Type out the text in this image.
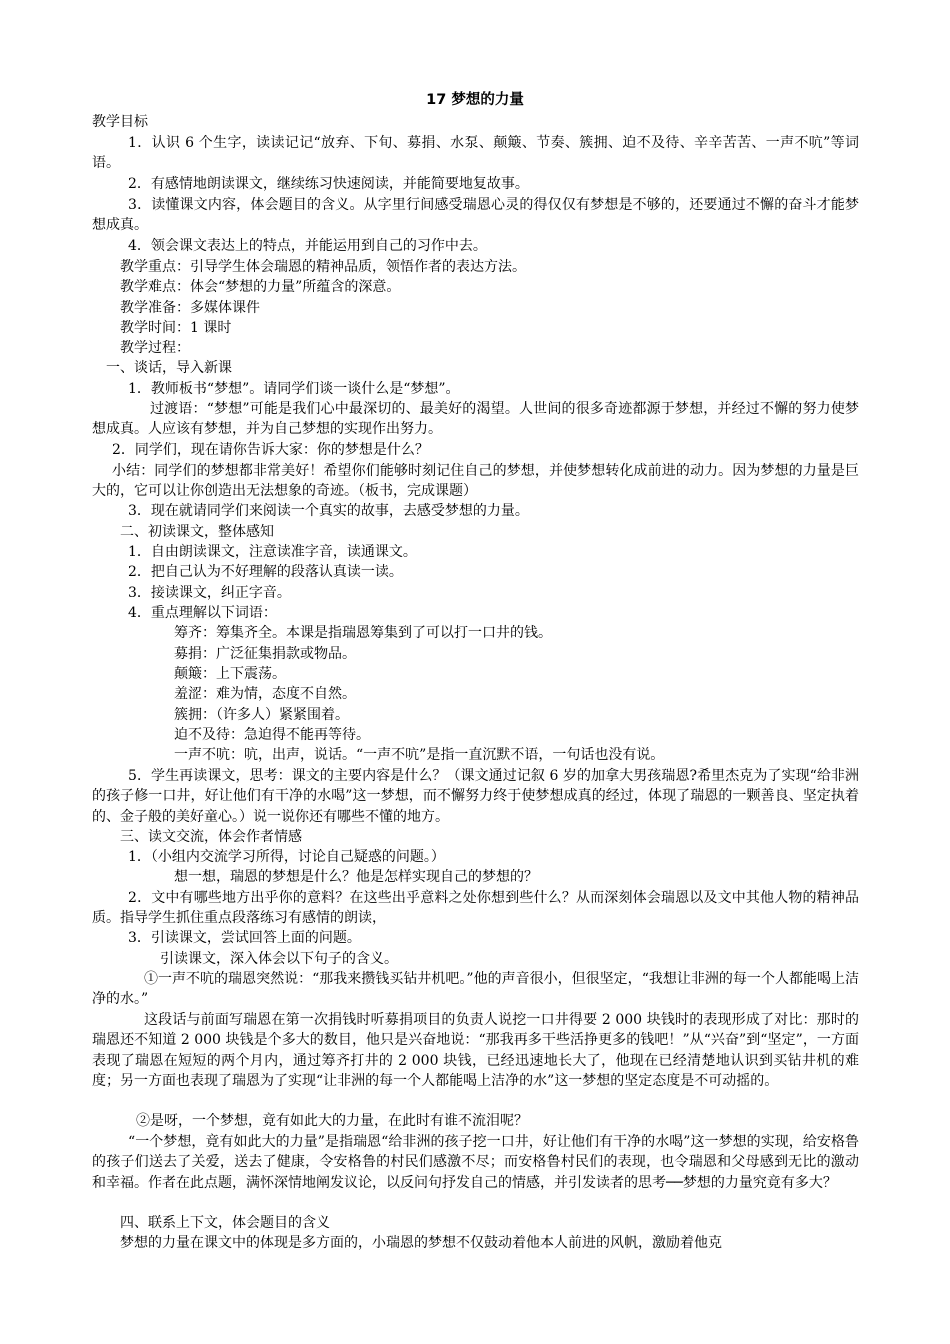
17 梦想的力量
教学目标
1．认识 6 个生字，读读记记“放弃、下旬、募捐、水泵、颠簸、节奏、簇拥、迫不及待、辛辛苦苦、一声不吭”等词语。
2．有感情地朗读课文，继续练习快速阅读，并能简要地复故事。
3．读懂课文内容，体会题目的含义。从字里行间感受瑞恩心灵的得仅仅有梦想是不够的，还要通过不懈的奋斗才能梦想成真。
4．领会课文表达上的特点，并能运用到自己的习作中去。
教学重点：引导学生体会瑞恩的精神品质，领悟作者的表达方法。
教学难点：体会“梦想的力量”所蕴含的深意。
教学准备：多媒体课件
教学时间：1 课时
教学过程：
一、谈话，导入新课
1．教师板书“梦想”。请同学们谈一谈什么是“梦想”。
过渡语：“梦想”可能是我们心中最深切的、最美好的渴望。人世间的很多奇迹都源于梦想，并经过不懈的努力使梦想成真。人应该有梦想，并为自己梦想的实现作出努力。
2．同学们，现在请你告诉大家：你的梦想是什么？
小结：同学们的梦想都非常美好！希望你们能够时刻记住自己的梦想，并使梦想转化成前进的动力。因为梦想的力量是巨大的，它可以让你创造出无法想象的奇迹。（板书，完成课题）
3．现在就请同学们来阅读一个真实的故事，去感受梦想的力量。
二、初读课文，整体感知
1．自由朗读课文，注意读准字音，读通课文。
2．把自己认为不好理解的段落认真读一读。
3．接读课文，纠正字音。
4．重点理解以下词语：
筹齐：筹集齐全。本课是指瑞恩筹集到了可以打一口井的钱。
募捐：广泛征集捐款或物品。
颠簸：上下震荡。
羞涩：难为情，态度不自然。
簇拥：（许多人）紧紧围着。
迫不及待：急迫得不能再等待。
一声不吭：吭，出声，说话。“一声不吭”是指一直沉默不语，一句话也没有说。
5．学生再读课文，思考：课文的主要内容是什么？（课文通过记叙 6 岁的加拿大男孩瑞恩?希里杰克为了实现“给非洲的孩子修一口井，好让他们有干净的水喝”这一梦想，而不懈努力终于使梦想成真的经过，体现了瑞恩的一颗善良、坚定执着的、金子般的美好童心。）说一说你还有哪些不懂的地方。
三、读文交流，体会作者情感
1．（小组内交流学习所得，讨论自己疑惑的问题。）
想一想，瑞恩的梦想是什么？他是怎样实现自己的梦想的？
2．文中有哪些地方出乎你的意料？在这些出乎意料之处你想到些什么？从而深刻体会瑞恩以及文中其他人物的精神品质。指导学生抓住重点段落练习有感情的朗读，
3．引读课文，尝试回答上面的问题。
引读课文，深入体会以下句子的含义。
①一声不吭的瑞恩突然说：“那我来攒钱买钻井机吧。”他的声音很小，但很坚定，“我想让非洲的每一个人都能喝上洁净的水。”
这段话与前面写瑞恩在第一次捐钱时听募捐项目的负责人说挖一口井得要 2 000 块钱时的表现形成了对比：那时的瑞恩还不知道 2 000 块钱是个多大的数目，他只是兴奋地说：“那我再多干些活挣更多的钱吧！”从“兴奋”到“坚定”，一方面表现了瑞恩在短短的两个月内，通过筹齐打井的 2 000 块钱，已经迅速地长大了，他现在已经清楚地认识到买钻井机的难度；另一方面也表现了瑞恩为了实现“让非洲的每一个人都能喝上洁净的水”这一梦想的坚定态度是不可动摇的。
②是呀，一个梦想，竟有如此大的力量，在此时有谁不流泪呢？
“一个梦想，竟有如此大的力量”是指瑞恩“给非洲的孩子挖一口井，好让他们有干净的水喝”这一梦想的实现，给安格鲁的孩子们送去了关爱，送去了健康，令安格鲁的村民们感激不尽；而安格鲁村民们的表现，也令瑞恩和父母感到无比的激动和幸福。作者在此点题，满怀深情地阐发议论，以反问句抒发自己的情感，并引发读者的思考──梦想的力量究竟有多大？
四、联系上下文，体会题目的含义
梦想的力量在课文中的体现是多方面的，小瑞恩的梦想不仅鼓动着他本人前进的风帆，激励着他克
